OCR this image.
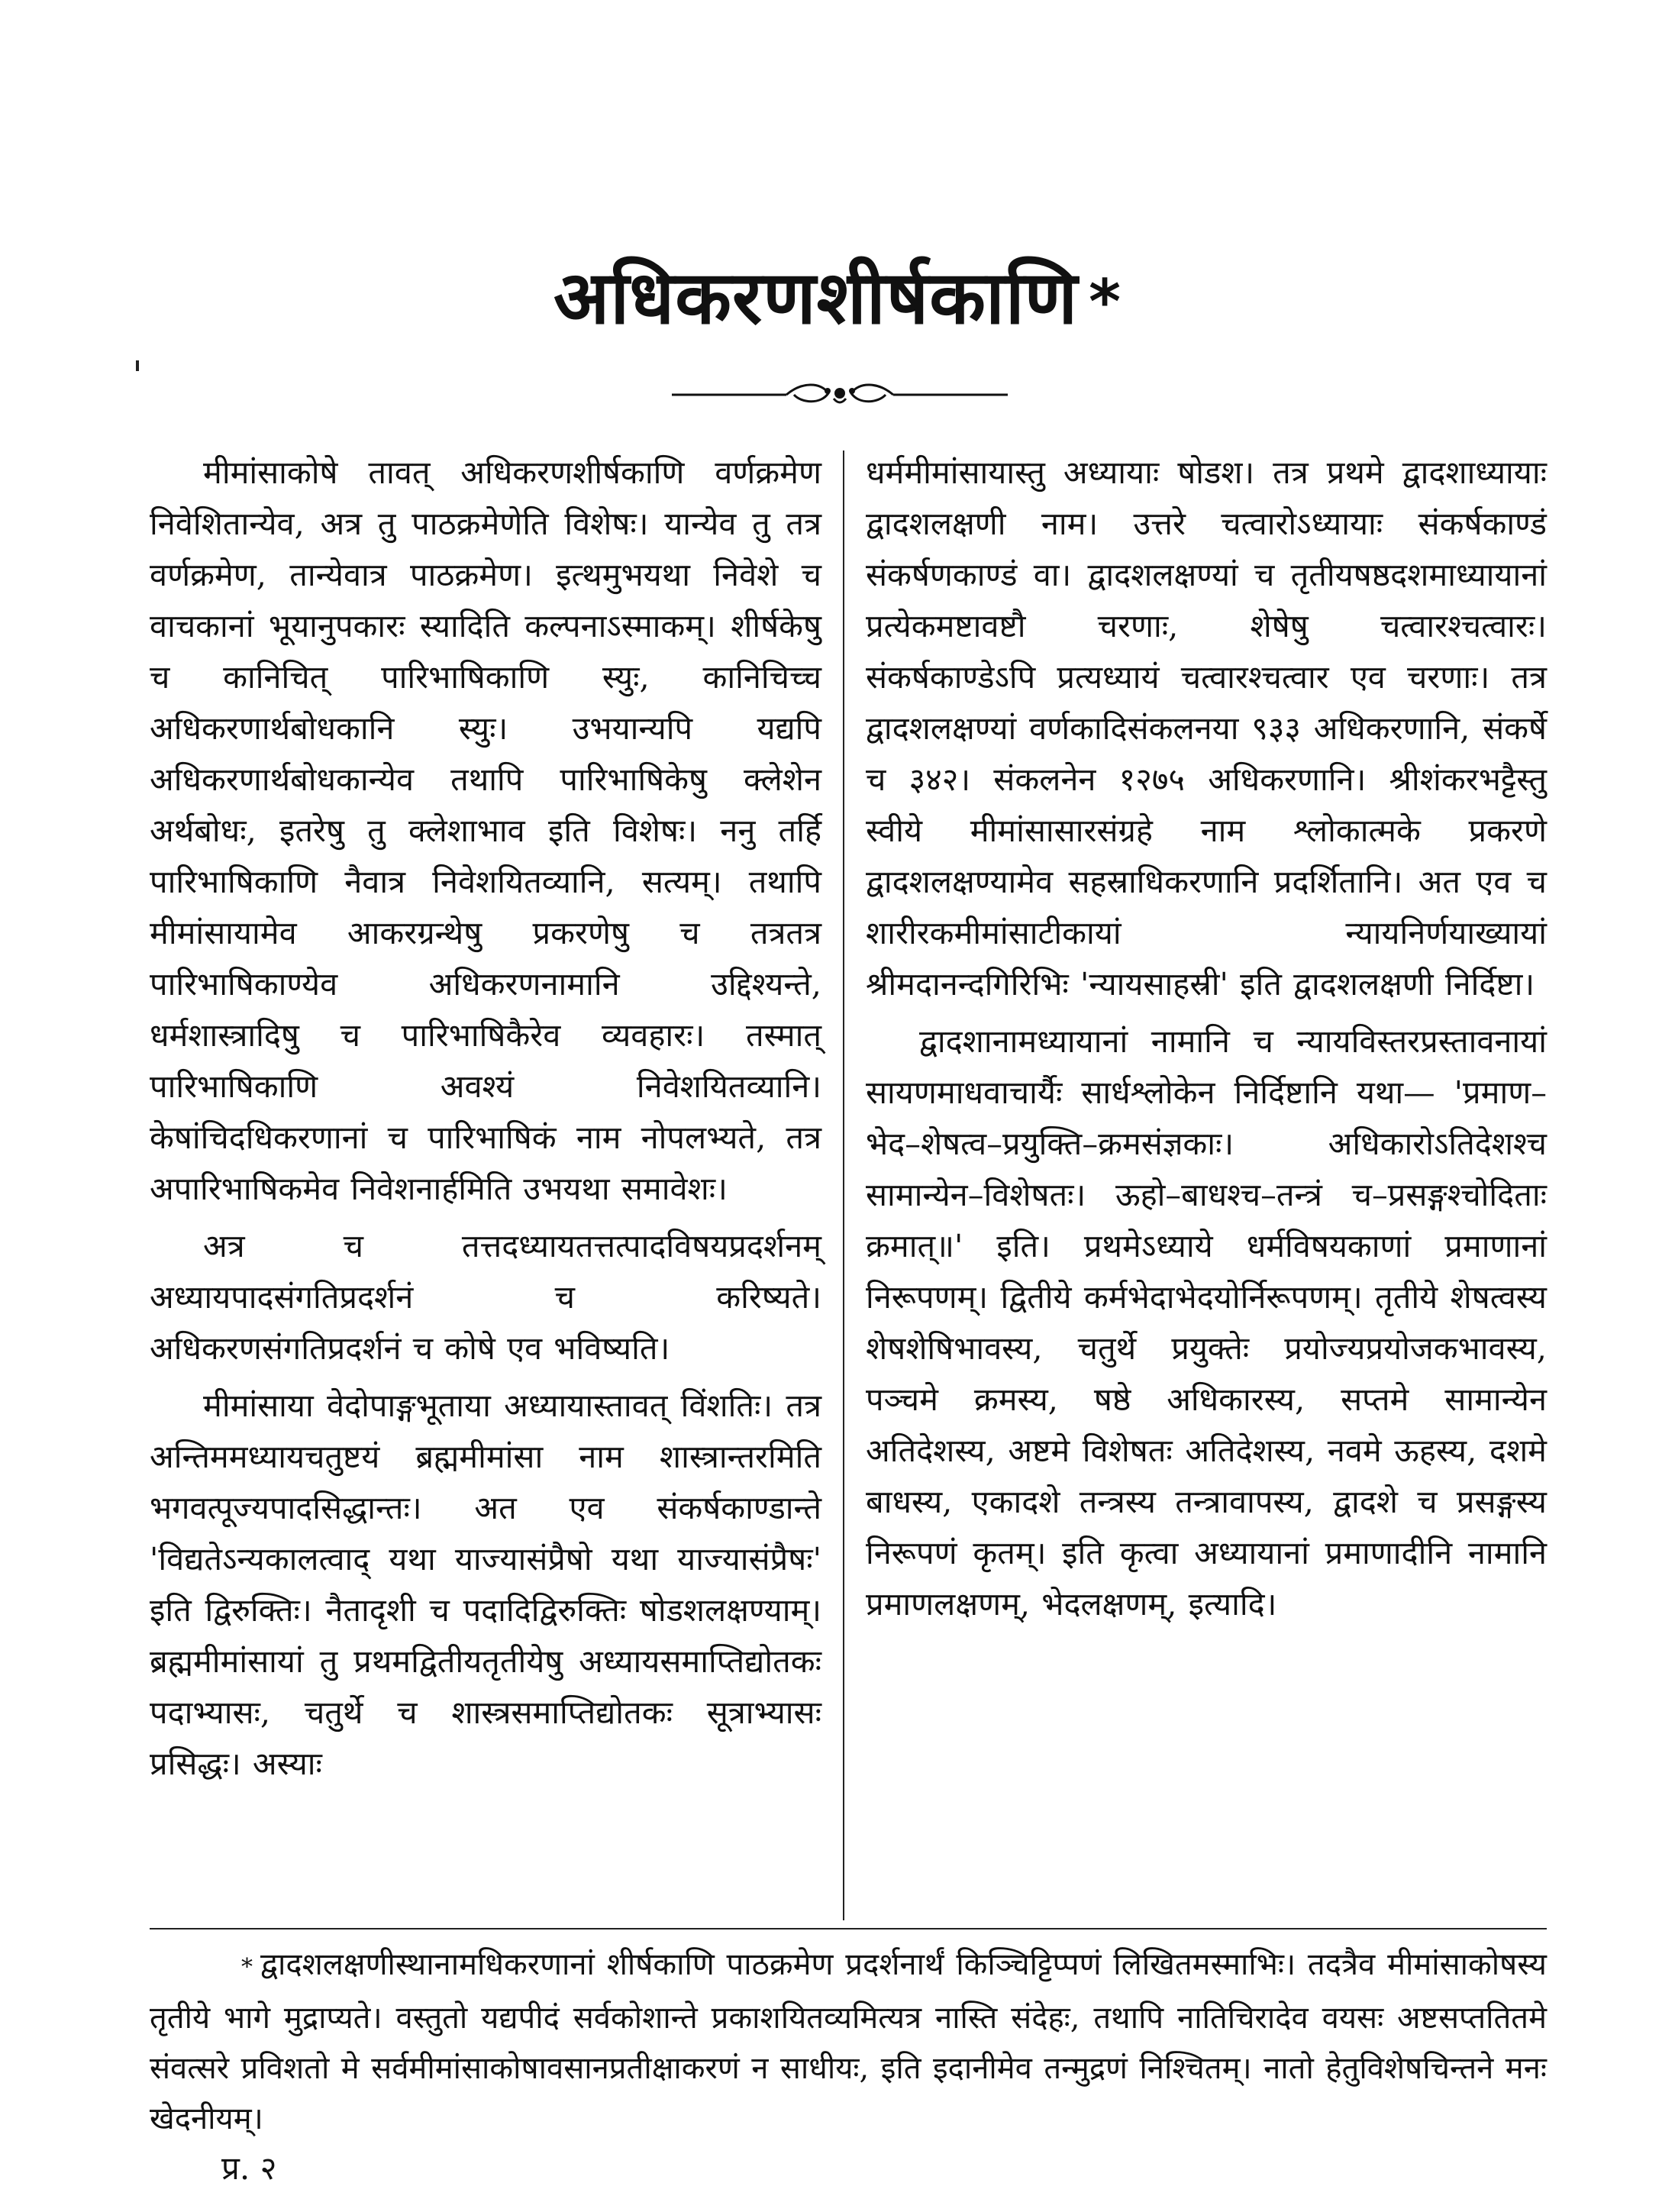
अधिकरणशीर्षकाणि *

मीमांसाकोषे तावत् अधिकरणशीर्षकाणि वर्णक्रमेण निवेशितान्येव, अत्र तु पाठक्रमेणेति विशेषः। यान्येव तु तत्र वर्णक्रमेण, तान्येवात्र पाठक्रमेण। इत्थमुभयथा निवेशे च वाचकानां भूयानुपकारः स्यादिति कल्पनाऽस्माकम्। शीर्षकेषु च कानिचित् पारिभाषिकाणि स्युः, कानिचिच्च अधिकरणार्थबोधकानि स्युः। उभयान्यपि यद्यपि अधिकरणार्थबोधकान्येव तथापि पारिभाषिकेषु क्लेशेन अर्थबोधः, इतरेषु तु क्लेशाभाव इति विशेषः। ननु तर्हि पारिभाषिकाणि नैवात्र निवेशयितव्यानि, सत्यम्। तथापि मीमांसायामेव आकरग्रन्थेषु प्रकरणेषु च तत्रतत्र पारिभाषिकाण्येव अधिकरणनामानि उद्दिश्यन्ते, धर्मशास्त्रादिषु च पारिभाषिकैरेव व्यवहारः। तस्मात् पारिभाषिकाणि अवश्यं निवेशयितव्यानि। केषांचिदधिकरणानां च पारिभाषिकं नाम नोपलभ्यते, तत्र अपारिभाषिकमेव निवेशनार्हमिति उभयथा समावेशः।

अत्र च तत्तदध्यायतत्तत्पादविषयप्रदर्शनम् अध्यायपादसंगतिप्रदर्शनं च करिष्यते। अधिकरणसंगतिप्रदर्शनं च कोषे एव भविष्यति।

मीमांसाया वेदोपाङ्गभूताया अध्यायास्तावत् विंशतिः। तत्र अन्तिममध्यायचतुष्टयं ब्रह्ममीमांसा नाम शास्त्रान्तरमिति भगवत्पूज्यपादसिद्धान्तः। अत एव संकर्षकाण्डान्ते 'विद्यतेऽन्यकालत्वाद् यथा याज्यासंप्रैषो यथा याज्यासंप्रैषः' इति द्विरुक्तिः। नैतादृशी च पदादिद्विरुक्तिः षोडशलक्षण्याम्। ब्रह्ममीमांसायां तु प्रथमद्वितीयतृतीयेषु अध्यायसमाप्तिद्योतकः पदाभ्यासः, चतुर्थे च शास्त्रसमाप्तिद्योतकः सूत्राभ्यासः प्रसिद्धः। अस्याः

धर्ममीमांसायास्तु अध्यायाः षोडश। तत्र प्रथमे द्वादशाध्यायाः द्वादशलक्षणी नाम। उत्तरे चत्वारोऽध्यायाः संकर्षकाण्डं संकर्षणकाण्डं वा। द्वादशलक्षण्यां च तृतीयषष्ठदशमाध्यायानां प्रत्येकमष्टावष्टौ चरणाः, शेषेषु चत्वारश्चत्वारः। संकर्षकाण्डेऽपि प्रत्यध्यायं चत्वारश्चत्वार एव चरणाः। तत्र द्वादशलक्षण्यां वर्णकादिसंकलनया ९३३ अधिकरणानि, संकर्षे च ३४२। संकलनेन १२७५ अधिकरणानि। श्रीशंकरभट्टैस्तु स्वीये मीमांसासारसंग्रहे नाम श्लोकात्मके प्रकरणे द्वादशलक्षण्यामेव सहस्राधिकरणानि प्रदर्शितानि। अत एव च शारीरकमीमांसाटीकायां न्यायनिर्णयाख्यायां श्रीमदानन्दगिरिभिः 'न्यायसाहस्री' इति द्वादशलक्षणी निर्दिष्टा।

द्वादशानामध्यायानां नामानि च न्यायविस्तरप्रस्तावनायां सायणमाधवाचार्यैः सार्धश्लोकेन निर्दिष्टानि यथा— 'प्रमाण–भेद–शेषत्व–प्रयुक्ति–क्रमसंज्ञकाः। अधिकारोऽतिदेशश्च सामान्येन–विशेषतः। ऊहो–बाधश्च–तन्त्रं च–प्रसङ्गश्चोदिताः क्रमात्॥' इति। प्रथमेऽध्याये धर्मविषयकाणां प्रमाणानां निरूपणम्। द्वितीये कर्मभेदाभेदयोर्निरूपणम्। तृतीये शेषत्वस्य शेषशेषिभावस्य, चतुर्थे प्रयुक्तेः प्रयोज्यप्रयोजकभावस्य, पञ्चमे क्रमस्य, षष्ठे अधिकारस्य, सप्तमे सामान्येन अतिदेशस्य, अष्टमे विशेषतः अतिदेशस्य, नवमे ऊहस्य, दशमे बाधस्य, एकादशे तन्त्रस्य तन्त्रावापस्य, द्वादशे च प्रसङ्गस्य निरूपणं कृतम्। इति कृत्वा अध्यायानां प्रमाणादीनि नामानि प्रमाणलक्षणम्, भेदलक्षणम्, इत्यादि।

* द्वादशलक्षणीस्थानामधिकरणानां शीर्षकाणि पाठक्रमेण प्रदर्शनार्थं किञ्चिट्टिप्पणं लिखितमस्माभिः। तदत्रैव मीमांसाकोषस्य तृतीये भागे मुद्राप्यते। वस्तुतो यद्यपीदं सर्वकोशान्ते प्रकाशयितव्यमित्यत्र नास्ति संदेहः, तथापि नातिचिरादेव वयसः अष्टसप्ततितमे संवत्सरे प्रविशतो मे सर्वमीमांसाकोषावसानप्रतीक्षाकरणं न साधीयः, इति इदानीमेव तन्मुद्रणं निश्चितम्। नातो हेतुविशेषचिन्तने मनः खेदनीयम्।

प्र. २
